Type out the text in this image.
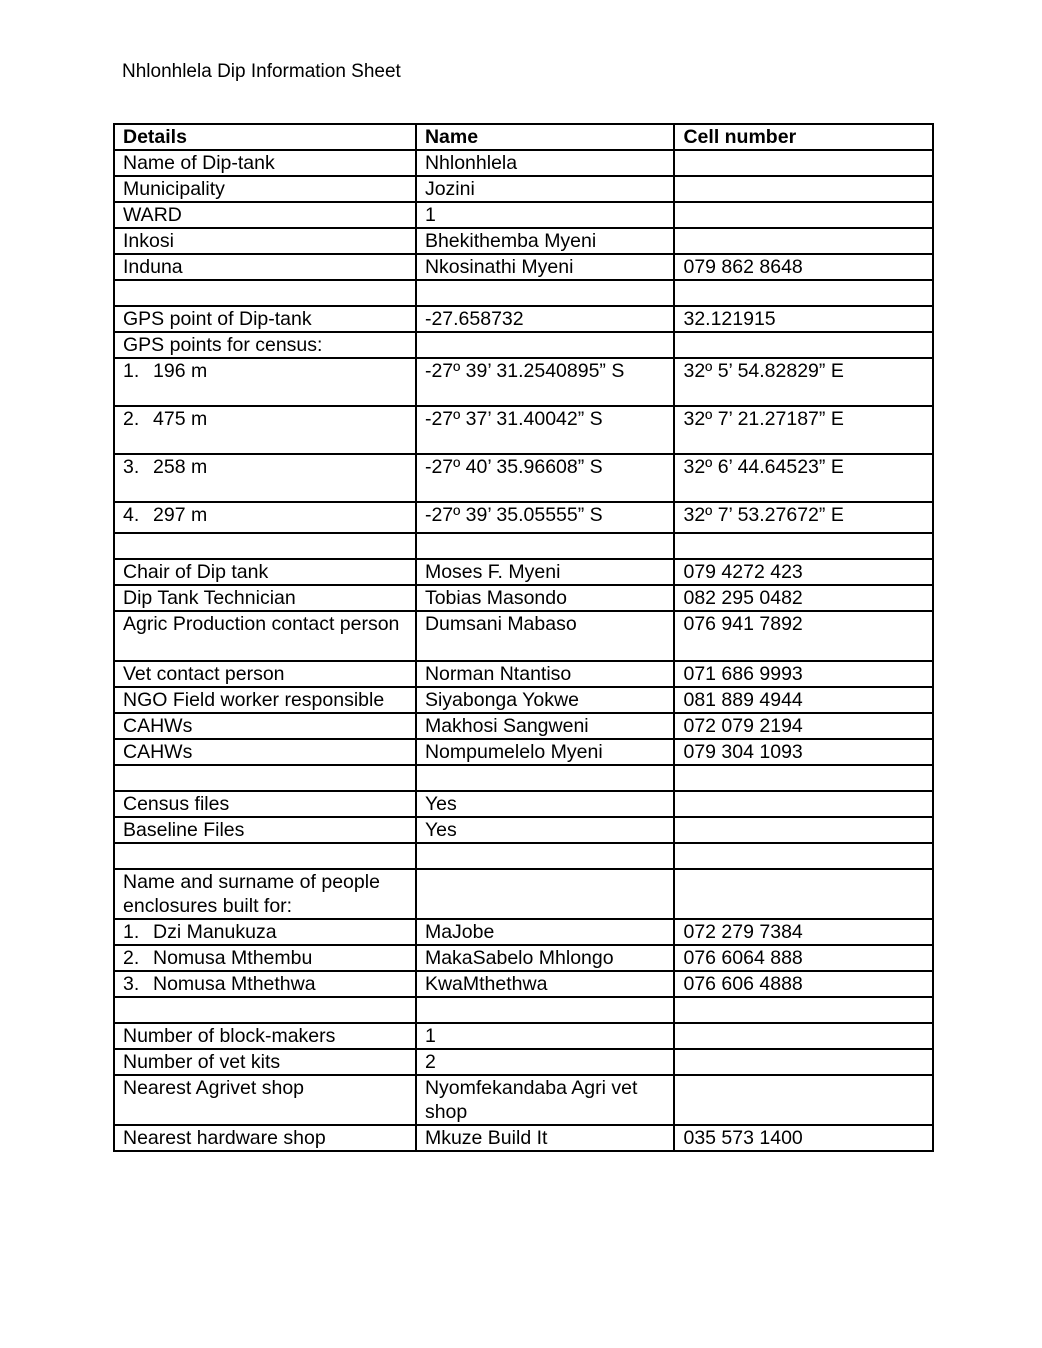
Nhlonhlela Dip Information Sheet
Details	Name	Cell number
Name of Dip-tank	Nhlonhlela	
Municipality	Jozini	
WARD	1	
Inkosi	Bhekithemba Myeni	
Induna	Nkosinathi Myeni	079 862 8648

GPS point of Dip-tank	-27.658732	32.121915
GPS points for census:		
1. 196 m	-27º 39’ 31.2540895” S	32º 5’ 54.82829” E
2. 475 m	-27º 37’ 31.40042” S	32º 7’ 21.27187” E
3. 258 m	-27º 40’ 35.96608” S	32º 6’ 44.64523” E
4. 297 m	-27º 39’ 35.05555” S	32º 7’ 53.27672” E

Chair of Dip tank	Moses F. Myeni	079 4272 423
Dip Tank Technician	Tobias Masondo	082 295 0482
Agric Production contact person	Dumsani Mabaso	076 941 7892
Vet contact person	Norman Ntantiso	071 686 9993
NGO Field worker responsible	Siyabonga Yokwe	081 889 4944
CAHWs	Makhosi Sangweni	072 079 2194
CAHWs	Nompumelelo Myeni	079 304 1093

Census files	Yes	
Baseline Files	Yes	

Name and surname of people enclosures built for:		
1. Dzi Manukuza	MaJobe	072 279 7384
2. Nomusa Mthembu	MakaSabelo Mhlongo	076 6064 888
3. Nomusa Mthethwa	KwaMthethwa	076 606 4888

Number of block-makers	1	
Number of vet kits	2	
Nearest Agrivet shop	Nyomfekandaba Agri vet shop	
Nearest hardware shop	Mkuze Build It	035 573 1400
